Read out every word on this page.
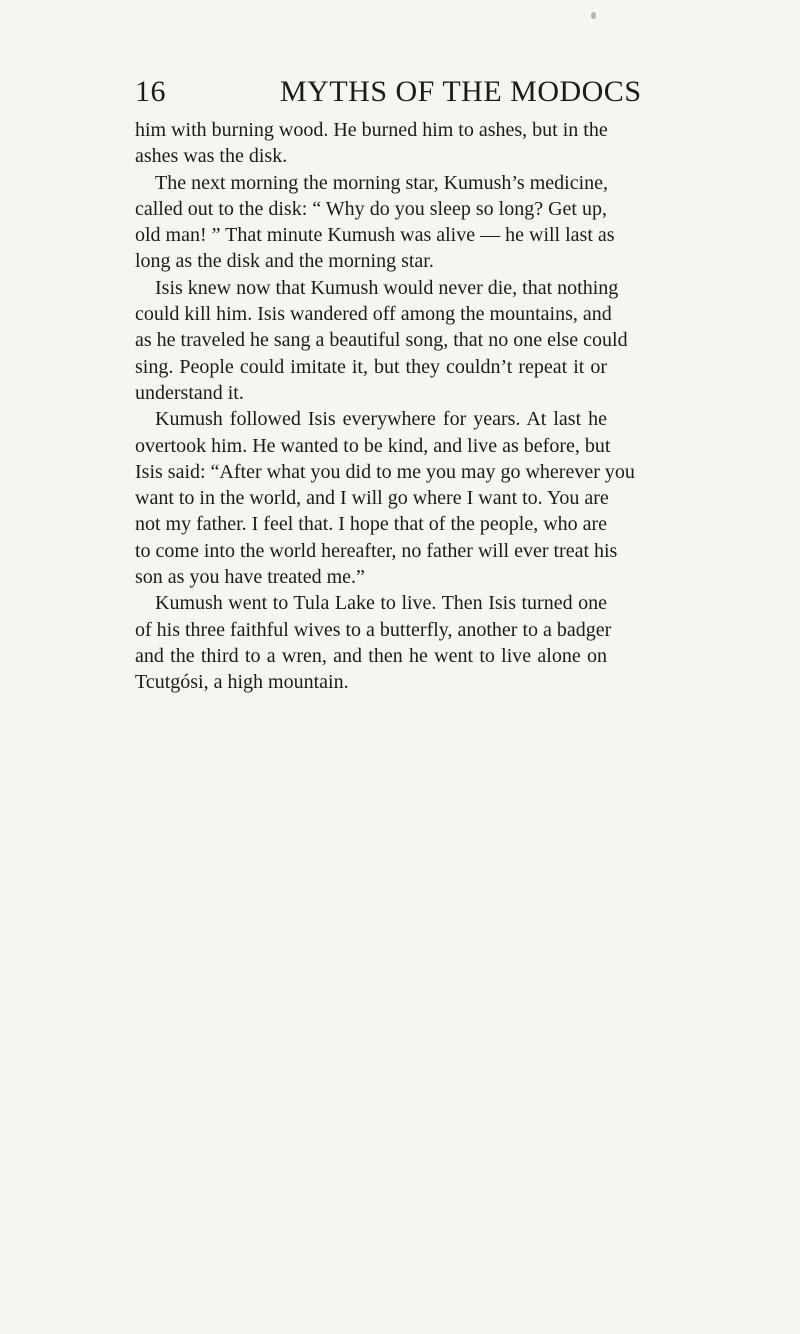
16	MYTHS OF THE MODOCS
him with burning wood. He burned him to ashes, but in the
ashes was the disk.
The next morning the morning star, Kumush’s medicine,
called out to the disk: “ Why do you sleep so long? Get up,
old man! ” That minute Kumush was alive — he will last as
long as the disk and the morning star.
Isis knew now that Kumush would never die, that nothing
could kill him. Isis wandered off among the mountains, and
as he traveled he sang a beautiful song, that no one else could
sing. People could imitate it, but they couldn’t repeat it or
understand it.
Kumush followed Isis everywhere for years. At last he
overtook him. He wanted to be kind, and live as before, but
Isis said: “After what you did to me you may go wherever you
want to in the world, and I will go where I want to. You are
not my father. I feel that. I hope that of the people, who are
to come into the world hereafter, no father will ever treat his
son as you have treated me.”
Kumush went to Tula Lake to live. Then Isis turned one
of his three faithful wives to a butterfly, another to a badger
and the third to a wren, and then he went to live alone on
Tcutgósi, a high mountain.
